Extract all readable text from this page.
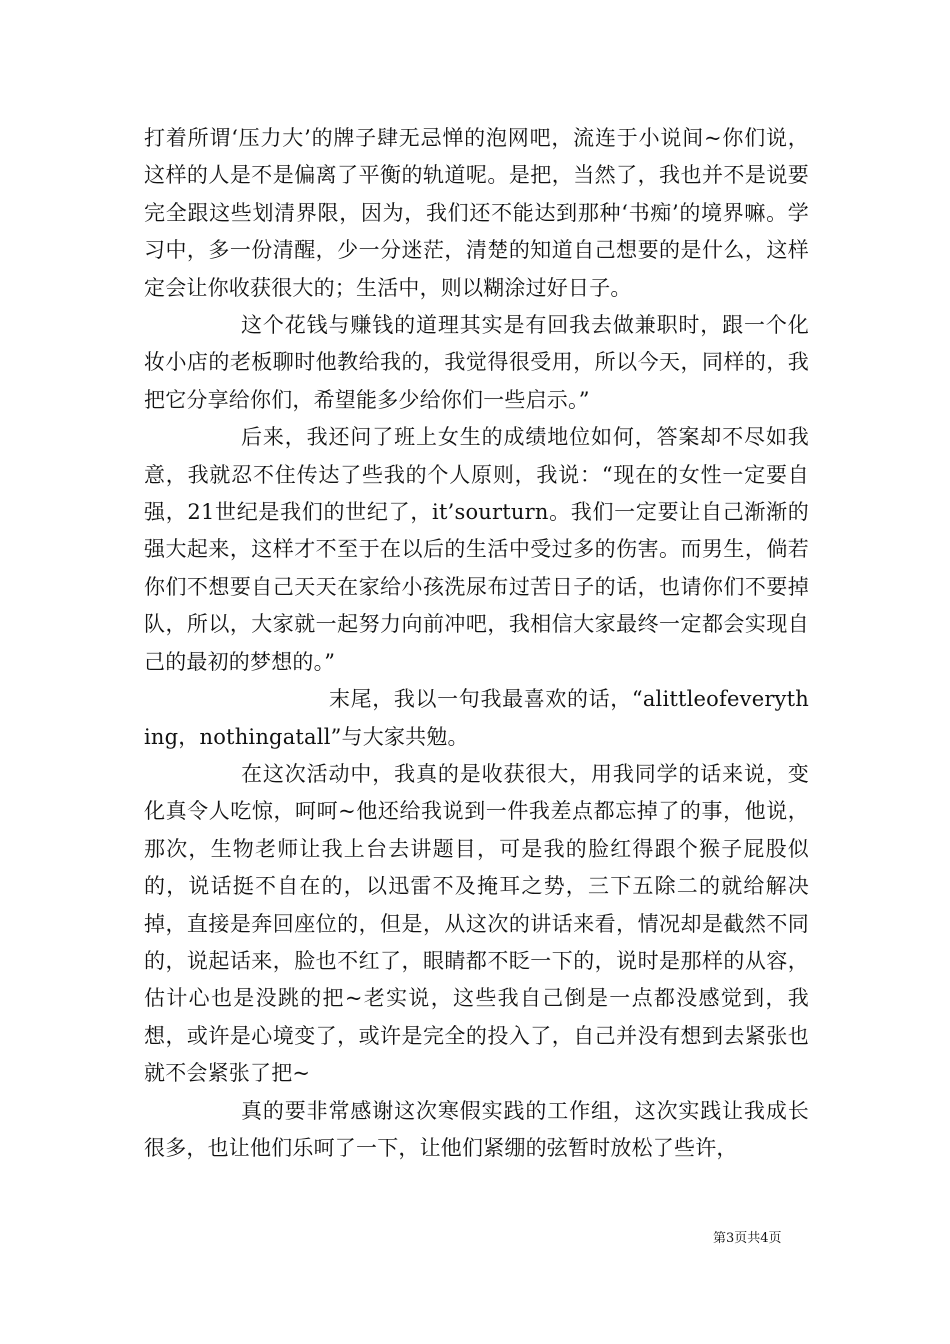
打着所谓‘压力大’的牌子肆无忌惮的泡网吧，流连于小说间~你们说，这样的人是不是偏离了平衡的轨道呢。是把，当然了，我也并不是说要完全跟这些划清界限，因为，我们还不能达到那种‘书痴’的境界嘛。学习中，多一份清醒，少一分迷茫，清楚的知道自己想要的是什么，这样定会让你收获很大的；生活中，则以糊涂过好日子。

这个花钱与赚钱的道理其实是有回我去做兼职时，跟一个化妆小店的老板聊时他教给我的，我觉得很受用，所以今天，同样的，我把它分享给你们，希望能多少给你们一些启示。”

后来，我还问了班上女生的成绩地位如何，答案却不尽如我意，我就忍不住传达了些我的个人原则，我说：“现在的女性一定要自强，21世纪是我们的世纪了，it’sourturn。我们一定要让自己渐渐的强大起来，这样才不至于在以后的生活中受过多的伤害。而男生，倘若你们不想要自己天天在家给小孩洗尿布过苦日子的话，也请你们不要掉队，所以，大家就一起努力向前冲吧，我相信大家最终一定都会实现自己的最初的梦想的。”

末尾，我以一句我最喜欢的话，“alittleofeverything，nothingatall”与大家共勉。

在这次活动中，我真的是收获很大，用我同学的话来说，变化真令人吃惊，呵呵~他还给我说到一件我差点都忘掉了的事，他说，那次，生物老师让我上台去讲题目，可是我的脸红得跟个猴子屁股似的，说话挺不自在的，以迅雷不及掩耳之势，三下五除二的就给解决掉，直接是奔回座位的，但是，从这次的讲话来看，情况却是截然不同的，说起话来，脸也不红了，眼睛都不眨一下的，说时是那样的从容，估计心也是没跳的把~老实说，这些我自己倒是一点都没感觉到，我想，或许是心境变了，或许是完全的投入了，自己并没有想到去紧张也就不会紧张了把~

真的要非常感谢这次寒假实践的工作组，这次实践让我成长很多，也让他们乐呵了一下，让他们紧绷的弦暂时放松了些许，

第3页共4页
